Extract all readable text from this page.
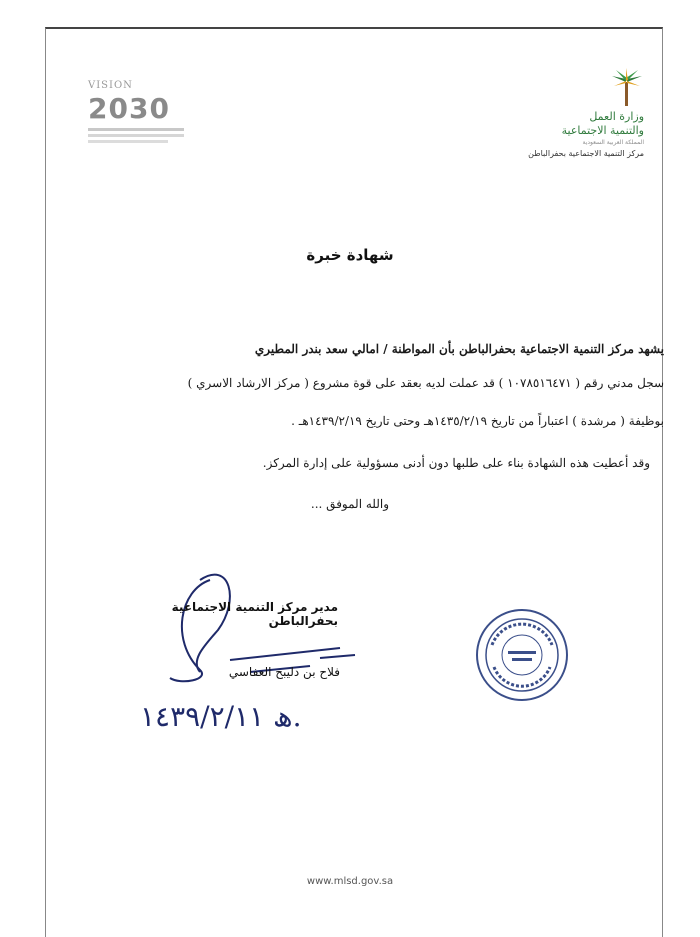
VISION
2030	وزارة العمل
والتنمية الاجتماعية
المملكة العربية السعودية
مركز التنمية الاجتماعية بحفرالباطن
شهادة خبرة
يشهد مركز التنمية الاجتماعية بحفرالباطن بأن المواطنة / امالي سعد بندر المطيري
سجل مدني رقم ( ١٠٧٨٥١٦٤٧١ ) قد عملت لديه بعقد على قوة مشروع ( مركز الارشاد الاسري )
بوظيفة ( مرشدة ) اعتباراً من تاريخ ١٤٣٥/٢/١٩هـ وحتى تاريخ ١٤٣٩/٢/١٩هـ .
وقد أعطيت هذه الشهادة بناء على طلبها دون أدنى مسؤولية على إدارة المركز.
والله الموفق ...
مدير مركز التنمية الاجتماعية بحفرالباطن
فلاح بن دليبح العفاسي
ھ ١٤٣٩/٢/١١.
www.mlsd.gov.sa
